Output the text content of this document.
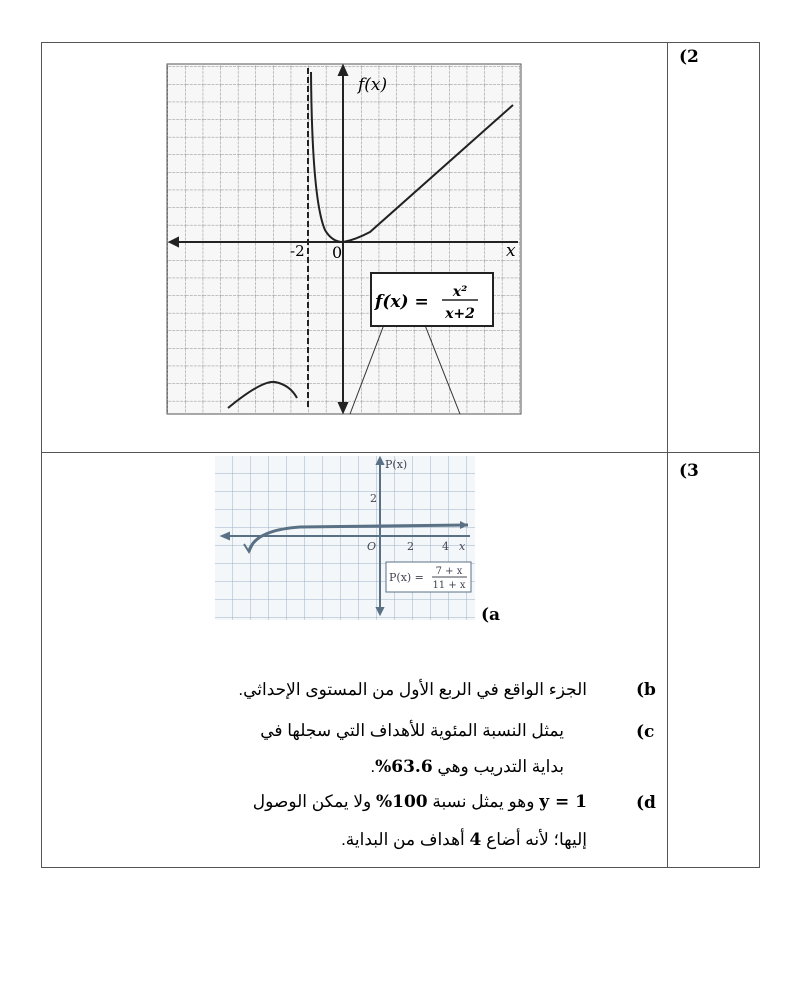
(2
(3
f(x)
x
-2 0
f(x) = x²
x+2
P(x)
2
O	2	4 x
P(x) = 7 + x
11 + x
(a
(b
الجزء الواقع في الربع الأول من المستوى الإحداثي.
(c
يمثل النسبة المئوية للأهداف التي سجلها في
بداية التدريب وهي 63.6%.
(d
y = 1 وهو يمثل نسبة 100% ولا يمكن الوصول
إليها؛ لأنه أضاع 4 أهداف من البداية.
